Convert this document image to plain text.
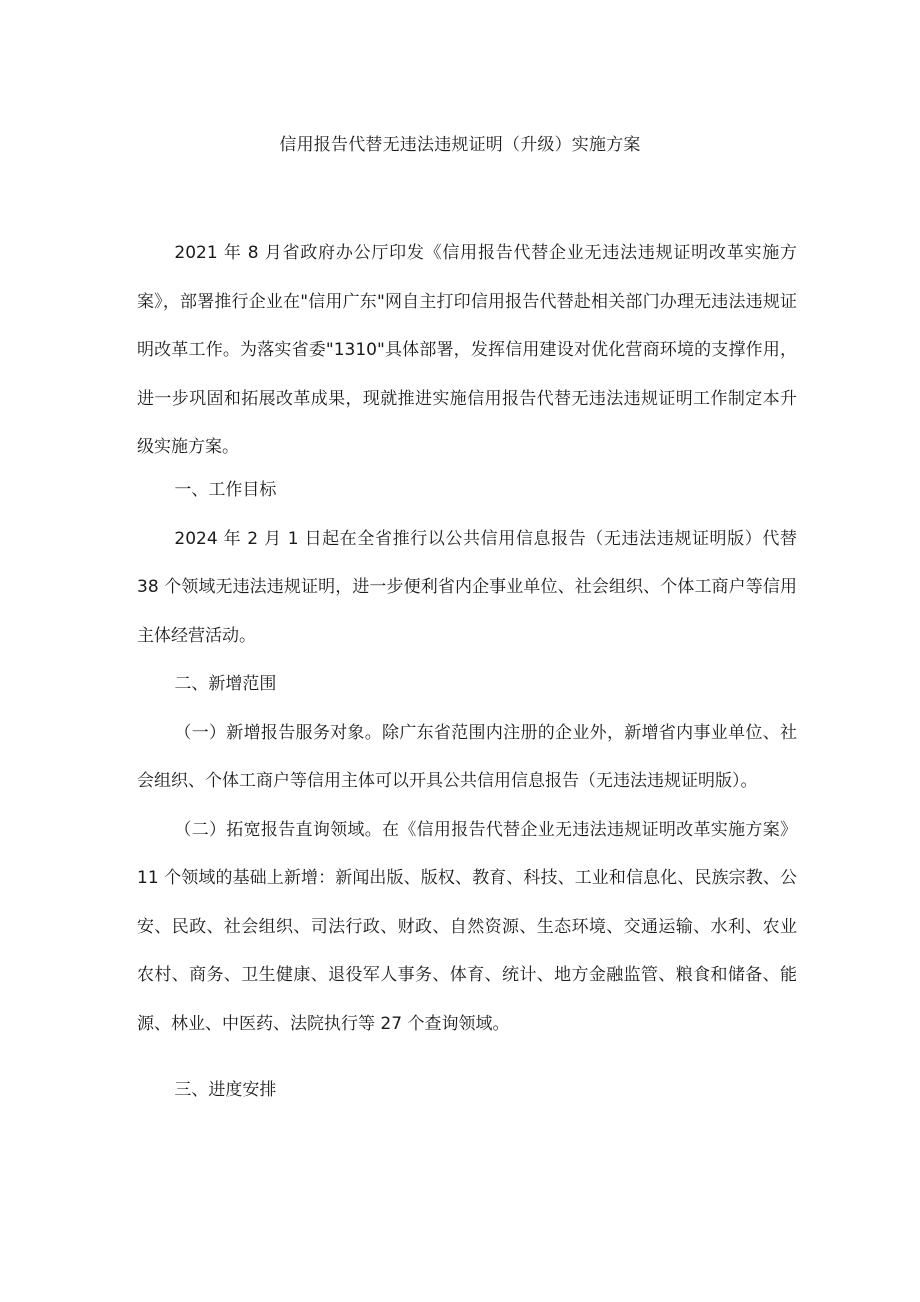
信用报告代替无违法违规证明（升级）实施方案

2021 年 8 月省政府办公厅印发《信用报告代替企业无违法违规证明改革实施方案》，部署推行企业在"信用广东"网自主打印信用报告代替赴相关部门办理无违法违规证明改革工作。为落实省委"1310"具体部署，发挥信用建设对优化营商环境的支撑作用，进一步巩固和拓展改革成果，现就推进实施信用报告代替无违法违规证明工作制定本升级实施方案。

一、工作目标

2024 年 2 月 1 日起在全省推行以公共信用信息报告（无违法违规证明版）代替 38 个领域无违法违规证明，进一步便利省内企事业单位、社会组织、个体工商户等信用主体经营活动。

二、新增范围

（一）新增报告服务对象。除广东省范围内注册的企业外，新增省内事业单位、社会组织、个体工商户等信用主体可以开具公共信用信息报告（无违法违规证明版）。

（二）拓宽报告直询领域。在《信用报告代替企业无违法违规证明改革实施方案》11 个领域的基础上新增：新闻出版、版权、教育、科技、工业和信息化、民族宗教、公安、民政、社会组织、司法行政、财政、自然资源、生态环境、交通运输、水利、农业农村、商务、卫生健康、退役军人事务、体育、统计、地方金融监管、粮食和储备、能源、林业、中医药、法院执行等 27 个查询领域。

三、进度安排
